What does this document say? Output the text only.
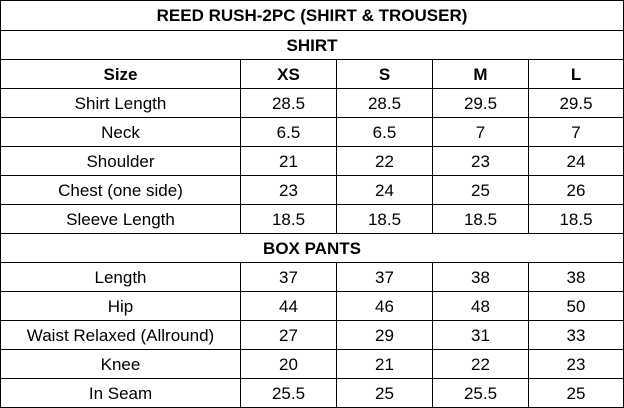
REED RUSH-2PC (SHIRT & TROUSER)				
SHIRT				
Size	XS	S	M	L
Shirt Length	28.5	28.5	29.5	29.5
Neck	6.5	6.5	7	7
Shoulder	21	22	23	24
Chest (one side)	23	24	25	26
Sleeve Length	18.5	18.5	18.5	18.5
BOX PANTS				
Length	37	37	38	38
Hip	44	46	48	50
Waist Relaxed (Allround)	27	29	31	33
Knee	20	21	22	23
In Seam	25.5	25	25.5	25
